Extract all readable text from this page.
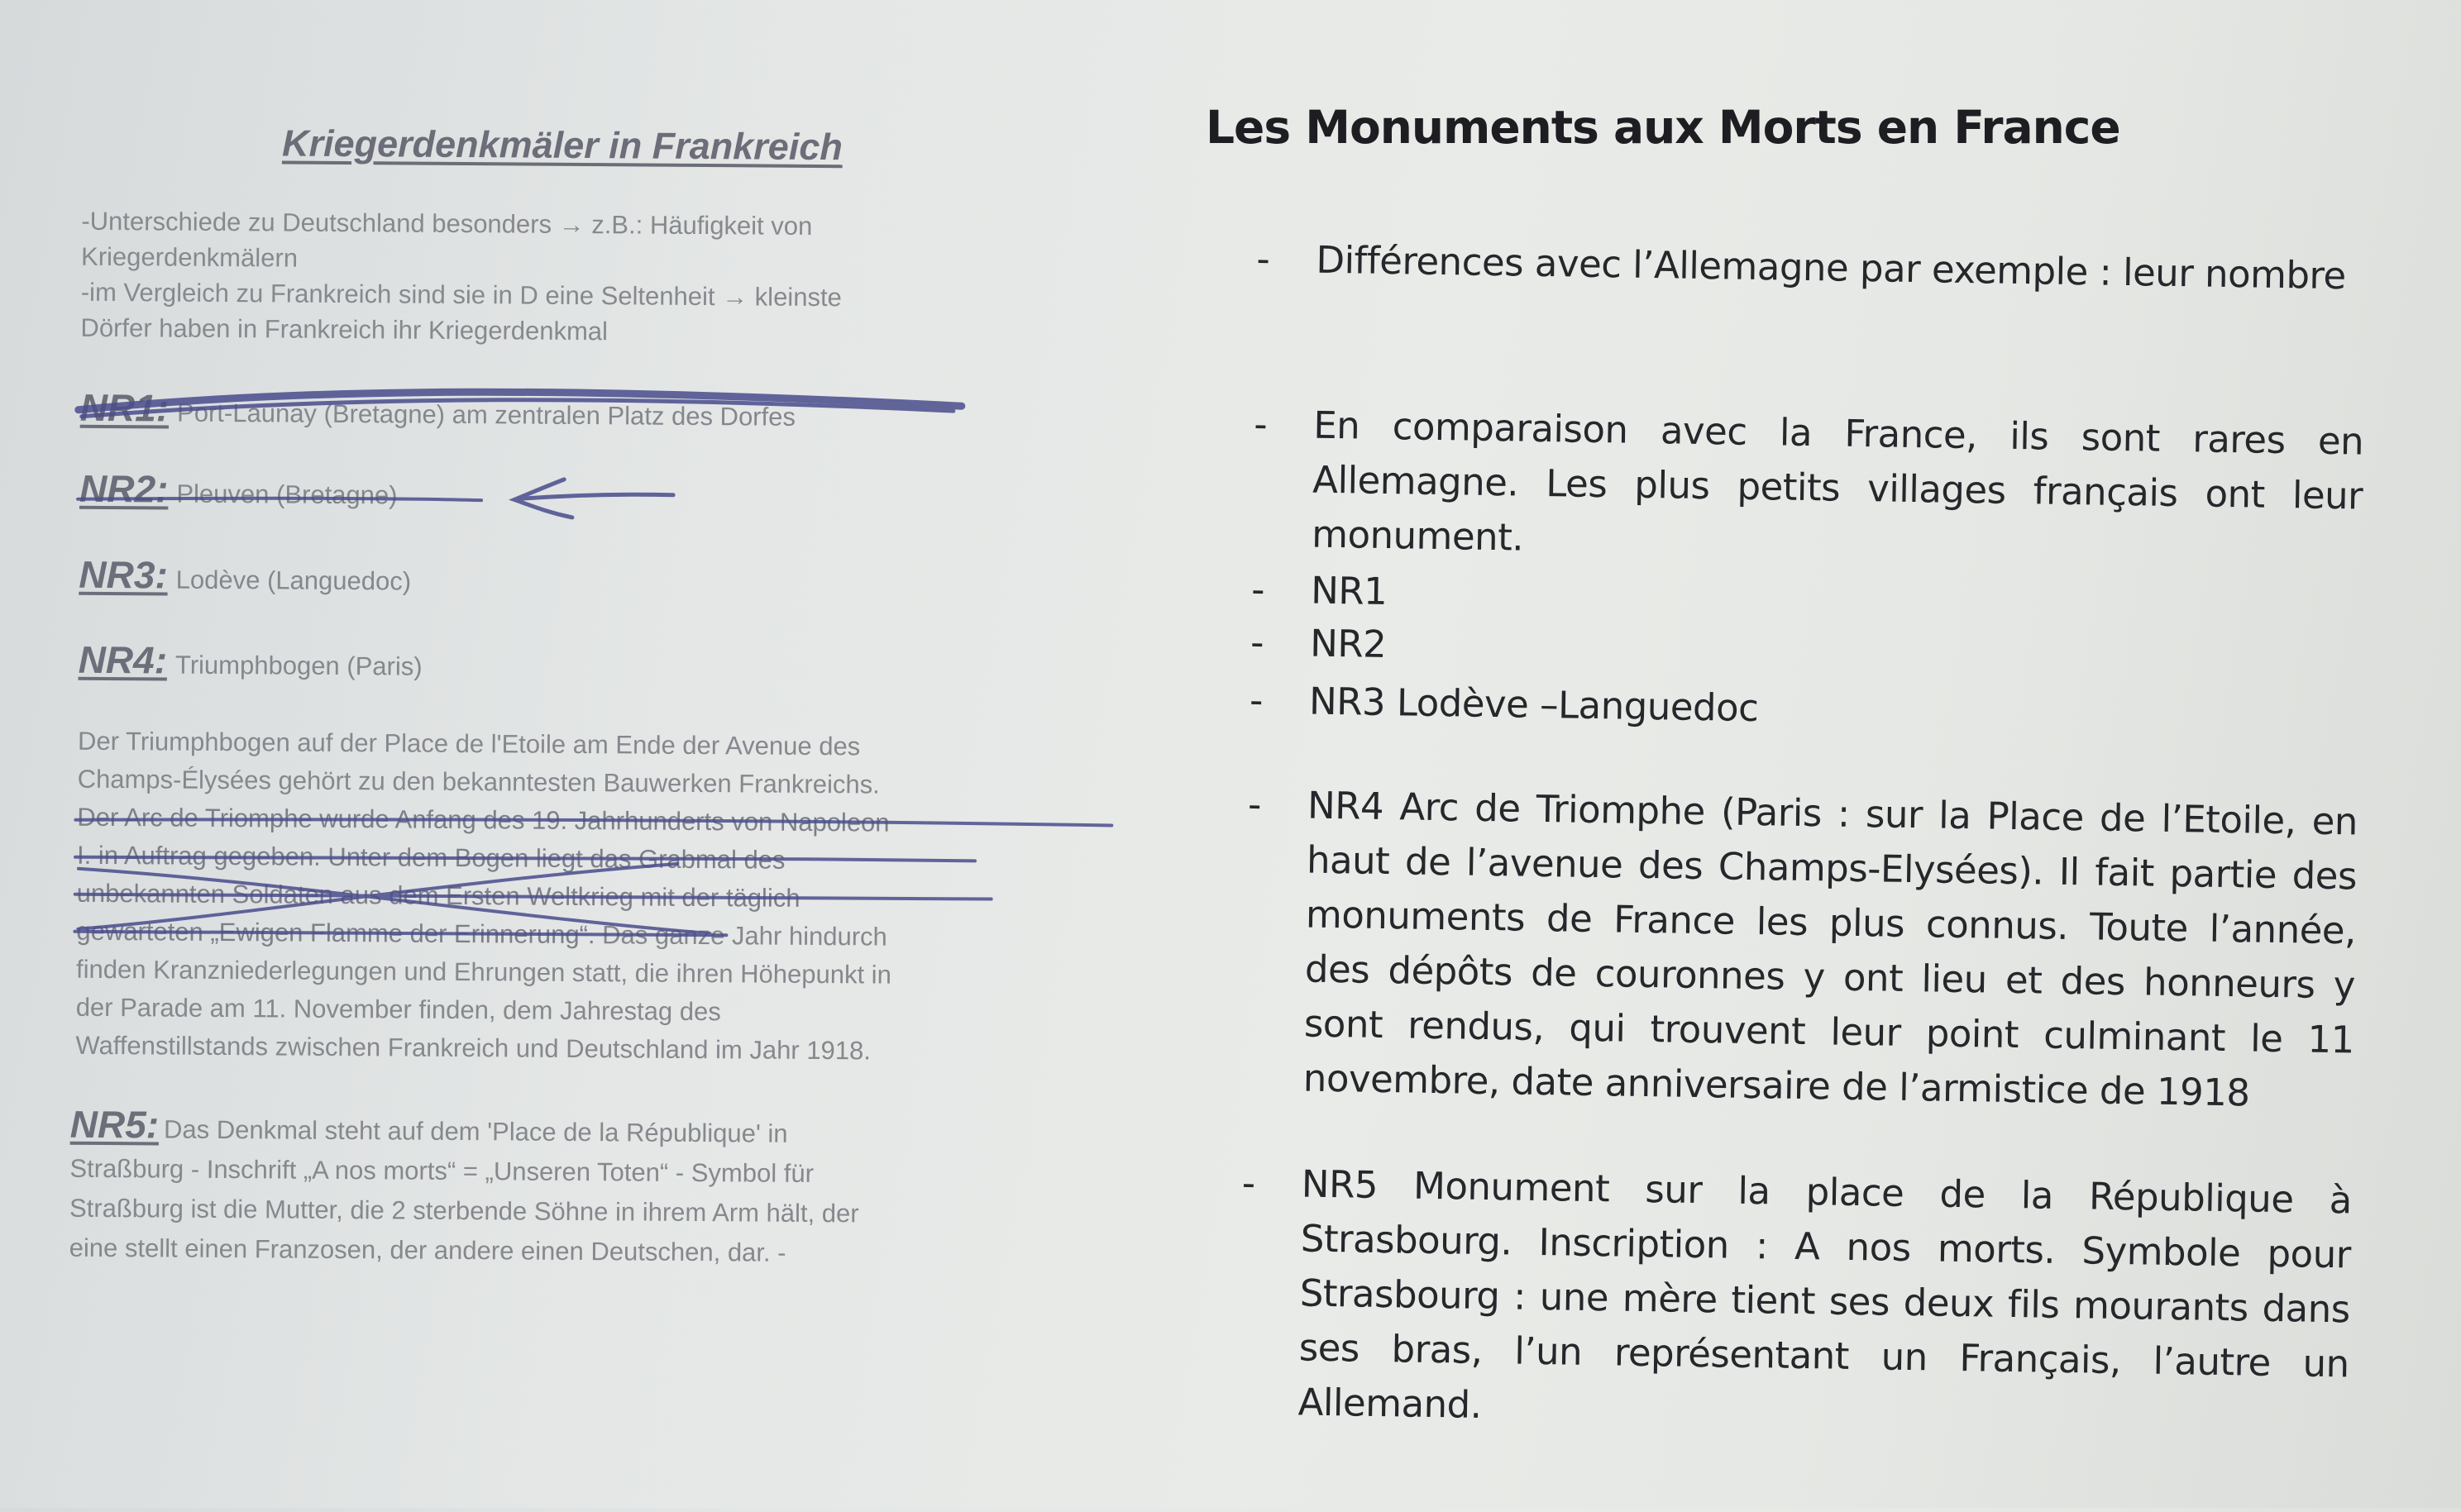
Kriegerdenkmäler in Frankreich
-Unterschiede zu Deutschland besonders → z.B.: Häufigkeit von
Kriegerdenkmälern
-im Vergleich zu Frankreich sind sie in D eine Seltenheit → kleinste
Dörfer haben in Frankreich ihr Kriegerdenkmal
NR1: Port-Launay (Bretagne) am zentralen Platz des Dorfes
NR2: Pleuven (Bretagne)
NR3: Lodève (Languedoc)
NR4: Triumphbogen (Paris)
Der Triumphbogen auf der Place de l'Etoile am Ende der Avenue des
Champs-Élysées gehört zu den bekanntesten Bauwerken Frankreichs.
Der Arc de Triomphe wurde Anfang des 19. Jahrhunderts von Napoleon
I. in Auftrag gegeben. Unter dem Bogen liegt das Grabmal des
unbekannten Soldaten aus dem Ersten Weltkrieg mit der täglich
gewarteten „Ewigen Flamme der Erinnerung“. Das ganze Jahr hindurch
finden Kranzniederlegungen und Ehrungen statt, die ihren Höhepunkt in
der Parade am 11. November finden, dem Jahrestag des
Waffenstillstands zwischen Frankreich und Deutschland im Jahr 1918.
NR5: Das Denkmal steht auf dem 'Place de la République' in
Straßburg - Inschrift „A nos morts“ = „Unseren Toten“ - Symbol für
Straßburg ist die Mutter, die 2 sterbende Söhne in ihrem Arm hält, der
eine stellt einen Franzosen, der andere einen Deutschen, dar. -
Les Monuments aux Morts en France
- Différences avec l’Allemagne par exemple : leur nombre
- En comparaison avec la France, ils sont rares en Allemagne. Les plus petits villages français ont leur monument.
- NR1
- NR2
- NR3 Lodève –Languedoc
- NR4 Arc de Triomphe (Paris : sur la Place de l’Etoile, en haut de l’avenue des Champs-Elysées). Il fait partie des monuments de France les plus connus. Toute l’année, des dépôts de couronnes y ont lieu et des honneurs y sont rendus, qui trouvent leur point culminant le 11 novembre, date anniversaire de l’armistice de 1918
- NR5 Monument sur la place de la République à Strasbourg. Inscription : A nos morts. Symbole pour Strasbourg : une mère tient ses deux fils mourants dans ses bras, l’un représentant un Français, l’autre un Allemand.
